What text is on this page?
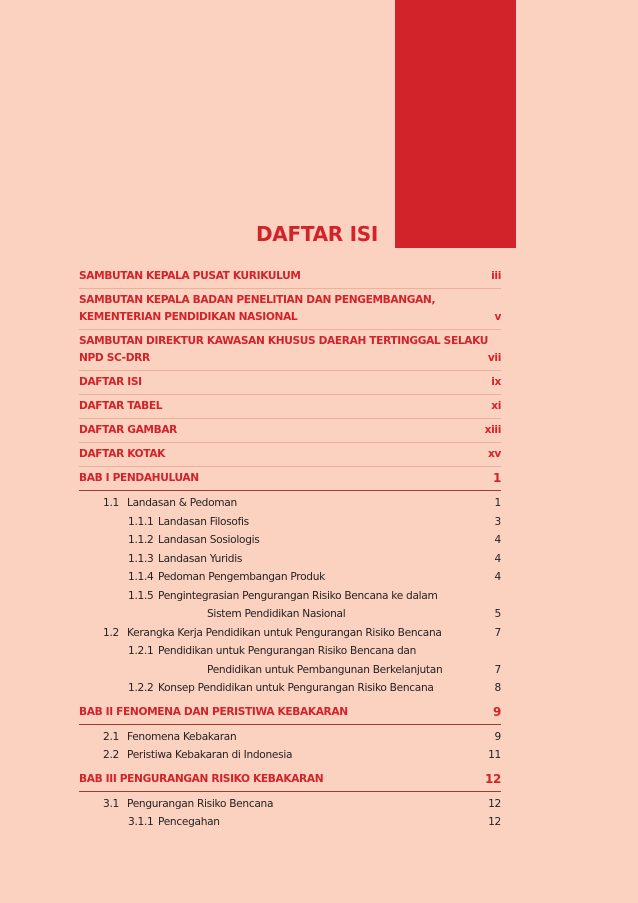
DAFTAR ISI
SAMBUTAN KEPALA PUSAT KURIKULUM	iii
SAMBUTAN KEPALA BADAN PENELITIAN DAN PENGEMBANGAN,
KEMENTERIAN PENDIDIKAN NASIONAL	v
SAMBUTAN DIREKTUR KAWASAN KHUSUS DAERAH TERTINGGAL SELAKU
NPD SC-DRR	vii
DAFTAR ISI	ix
DAFTAR TABEL	xi
DAFTAR GAMBAR	xiii
DAFTAR KOTAK	xv
BAB I PENDAHULUAN	1
1.1 Landasan & Pedoman	1
1.1.1 Landasan Filosofis	3
1.1.2 Landasan Sosiologis	4
1.1.3 Landasan Yuridis	4
1.1.4 Pedoman Pengembangan Produk	4
1.1.5 Pengintegrasian Pengurangan Risiko Bencana ke dalam
Sistem Pendidikan Nasional	5
1.2 Kerangka Kerja Pendidikan untuk Pengurangan Risiko Bencana	7
1.2.1 Pendidikan untuk Pengurangan Risiko Bencana dan
Pendidikan untuk Pembangunan Berkelanjutan	7
1.2.2 Konsep Pendidikan untuk Pengurangan Risiko Bencana	8
BAB II FENOMENA DAN PERISTIWA KEBAKARAN	9
2.1 Fenomena Kebakaran	9
2.2 Peristiwa Kebakaran di Indonesia	11
BAB III PENGURANGAN RISIKO KEBAKARAN	12
3.1 Pengurangan Risiko Bencana	12
3.1.1 Pencegahan	12
